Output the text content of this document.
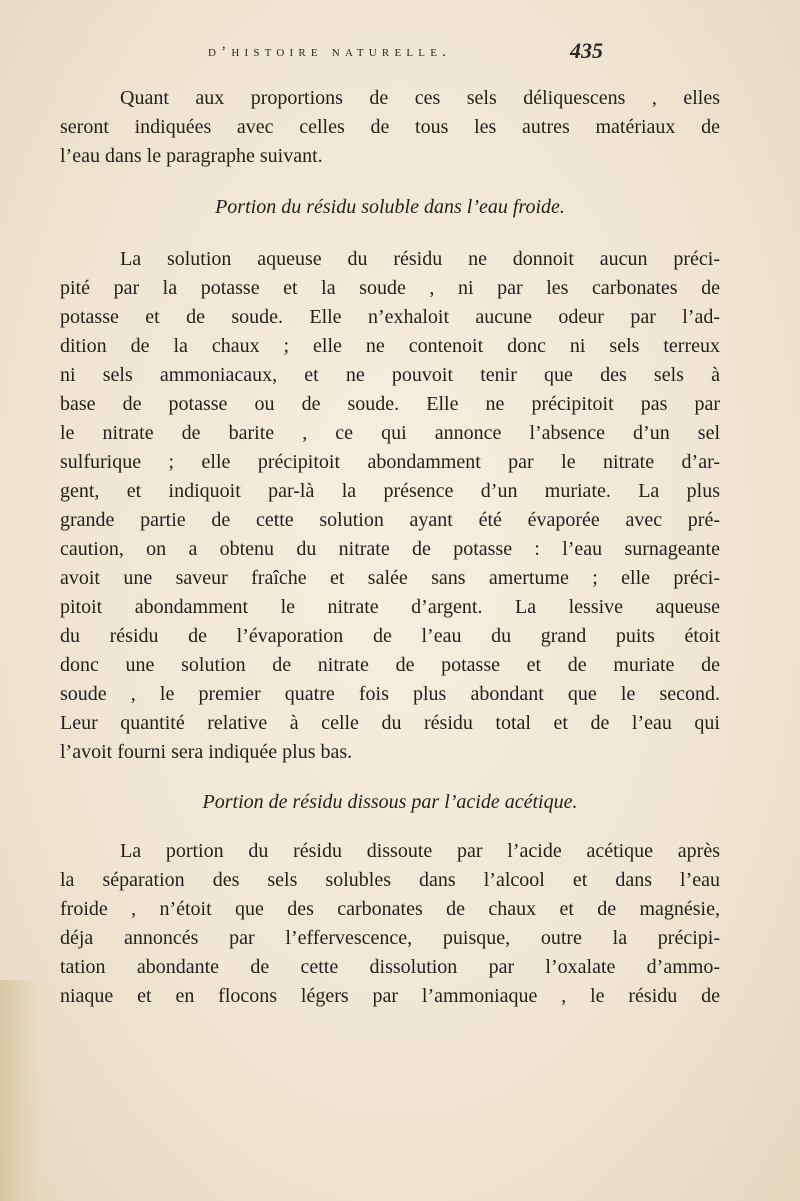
d’histoire naturelle.	435
Quant aux proportions de ces sels déliquescens , elles
seront indiquées avec celles de tous les autres matériaux de
l’eau dans le paragraphe suivant.

Portion du résidu soluble dans l’eau froide.

La solution aqueuse du résidu ne donnoit aucun préci-
pité par la potasse et la soude , ni par les carbonates de
potasse et de soude. Elle n’exhaloit aucune odeur par l’ad-
dition de la chaux ; elle ne contenoit donc ni sels terreux
ni sels ammoniacaux, et ne pouvoit tenir que des sels à
base de potasse ou de soude. Elle ne précipitoit pas par
le nitrate de barite , ce qui annonce l’absence d’un sel
sulfurique ; elle précipitoit abondamment par le nitrate d’ar-
gent, et indiquoit par-là la présence d’un muriate. La plus
grande partie de cette solution ayant été évaporée avec pré-
caution, on a obtenu du nitrate de potasse : l’eau surnageante
avoit une saveur fraîche et salée sans amertume ; elle préci-
pitoit abondamment le nitrate d’argent. La lessive aqueuse
du résidu de l’évaporation de l’eau du grand puits étoit
donc une solution de nitrate de potasse et de muriate de
soude , le premier quatre fois plus abondant que le second.
Leur quantité relative à celle du résidu total et de l’eau qui
l’avoit fourni sera indiquée plus bas.

Portion de résidu dissous par l’acide acétique.

La portion du résidu dissoute par l’acide acétique après
la séparation des sels solubles dans l’alcool et dans l’eau
froide , n’étoit que des carbonates de chaux et de magnésie,
déja annoncés par l’effervescence, puisque, outre la précipi-
tation abondante de cette dissolution par l’oxalate d’ammo-
niaque et en flocons légers par l’ammoniaque , le résidu de
